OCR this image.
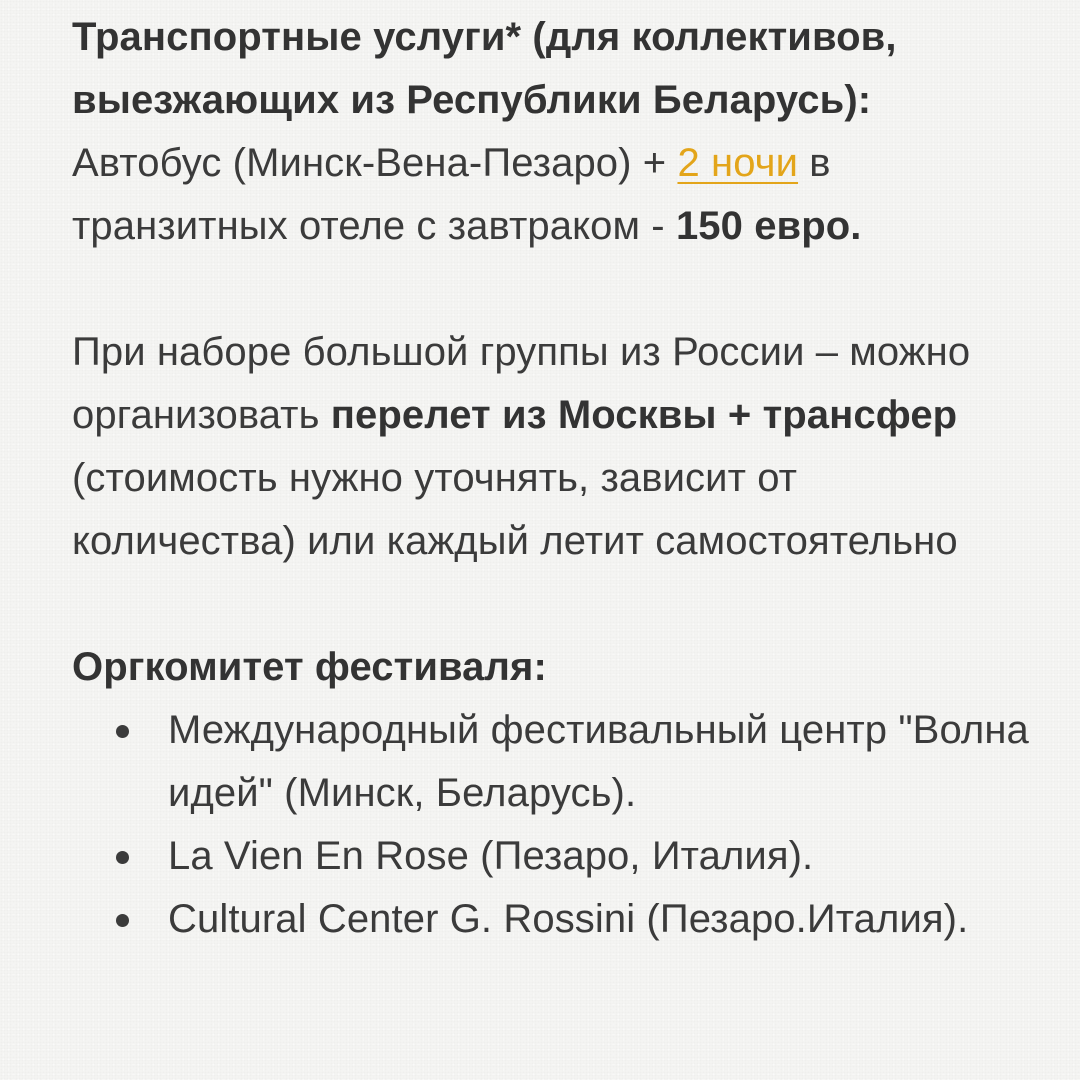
Транспортные услуги* (для коллективов, выезжающих из Республики Беларусь):
Автобус (Минск-Вена-Пезаро) + 2 ночи в транзитных отеле с завтраком - 150 евро.

При наборе большой группы из России – можно организовать перелет из Москвы + трансфер (стоимость нужно уточнять, зависит от количества) или каждый летит самостоятельно

Оргкомитет фестиваля:
Международный фестивальный центр "Волна идей" (Минск, Беларусь).
La Vien En Rose (Пезаро, Италия).
Cultural Center G. Rossini (Пезаро.Италия).
